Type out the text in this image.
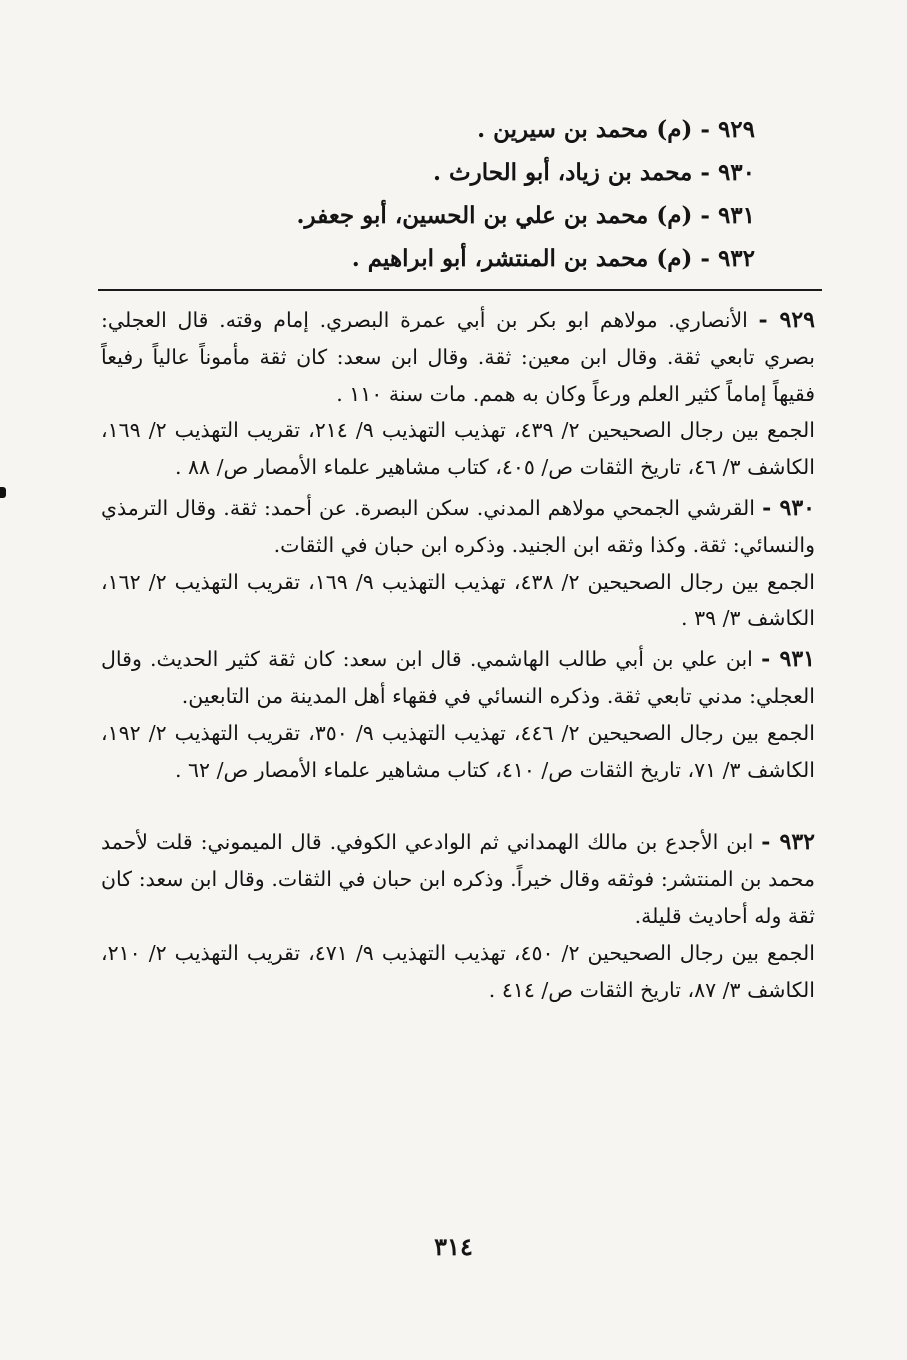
٩٢٩ - (م) محمد بن سيرين .
٩٣٠ - محمد بن زياد، أبو الحارث .
٩٣١ - (م) محمد بن علي بن الحسين، أبو جعفر.
٩٣٢ - (م) محمد بن المنتشر، أبو ابراهيم .
٩٢٩ - الأنصاري. مولاهم ابو بكر بن أبي عمرة البصري. إمام وقته. قال العجلي: بصري تابعي ثقة. وقال ابن معين: ثقة. وقال ابن سعد: كان ثقة مأموناً عالياً رفيعاً فقيهاً إماماً كثير العلم ورعاً وكان به همم. مات سنة ١١٠ .
الجمع بين رجال الصحيحين ٢/ ٤٣٩، تهذيب التهذيب ٩/ ٢١٤، تقريب التهذيب ٢/ ١٦٩، الكاشف ٣/ ٤٦، تاريخ الثقات ص/ ٤٠٥، كتاب مشاهير علماء الأمصار ص/ ٨٨ .
٩٣٠ - القرشي الجمحي مولاهم المدني. سكن البصرة. عن أحمد: ثقة. وقال الترمذي والنسائي: ثقة. وكذا وثقه ابن الجنيد. وذكره ابن حبان في الثقات.
الجمع بين رجال الصحيحين ٢/ ٤٣٨، تهذيب التهذيب ٩/ ١٦٩، تقريب التهذيب ٢/ ١٦٢، الكاشف ٣/ ٣٩ .
٩٣١ - ابن علي بن أبي طالب الهاشمي. قال ابن سعد: كان ثقة كثير الحديث. وقال العجلي: مدني تابعي ثقة. وذكره النسائي في فقهاء أهل المدينة من التابعين.
الجمع بين رجال الصحيحين ٢/ ٤٤٦، تهذيب التهذيب ٩/ ٣٥٠، تقريب التهذيب ٢/ ١٩٢، الكاشف ٣/ ٧١، تاريخ الثقات ص/ ٤١٠، كتاب مشاهير علماء الأمصار ص/ ٦٢ .
٩٣٢ - ابن الأجدع بن مالك الهمداني ثم الوادعي الكوفي. قال الميموني: قلت لأحمد محمد بن المنتشر: فوثقه وقال خيراً. وذكره ابن حبان في الثقات. وقال ابن سعد: كان ثقة وله أحاديث قليلة.
الجمع بين رجال الصحيحين ٢/ ٤٥٠، تهذيب التهذيب ٩/ ٤٧١، تقريب التهذيب ٢/ ٢١٠، الكاشف ٣/ ٨٧، تاريخ الثقات ص/ ٤١٤ .
٣١٤
